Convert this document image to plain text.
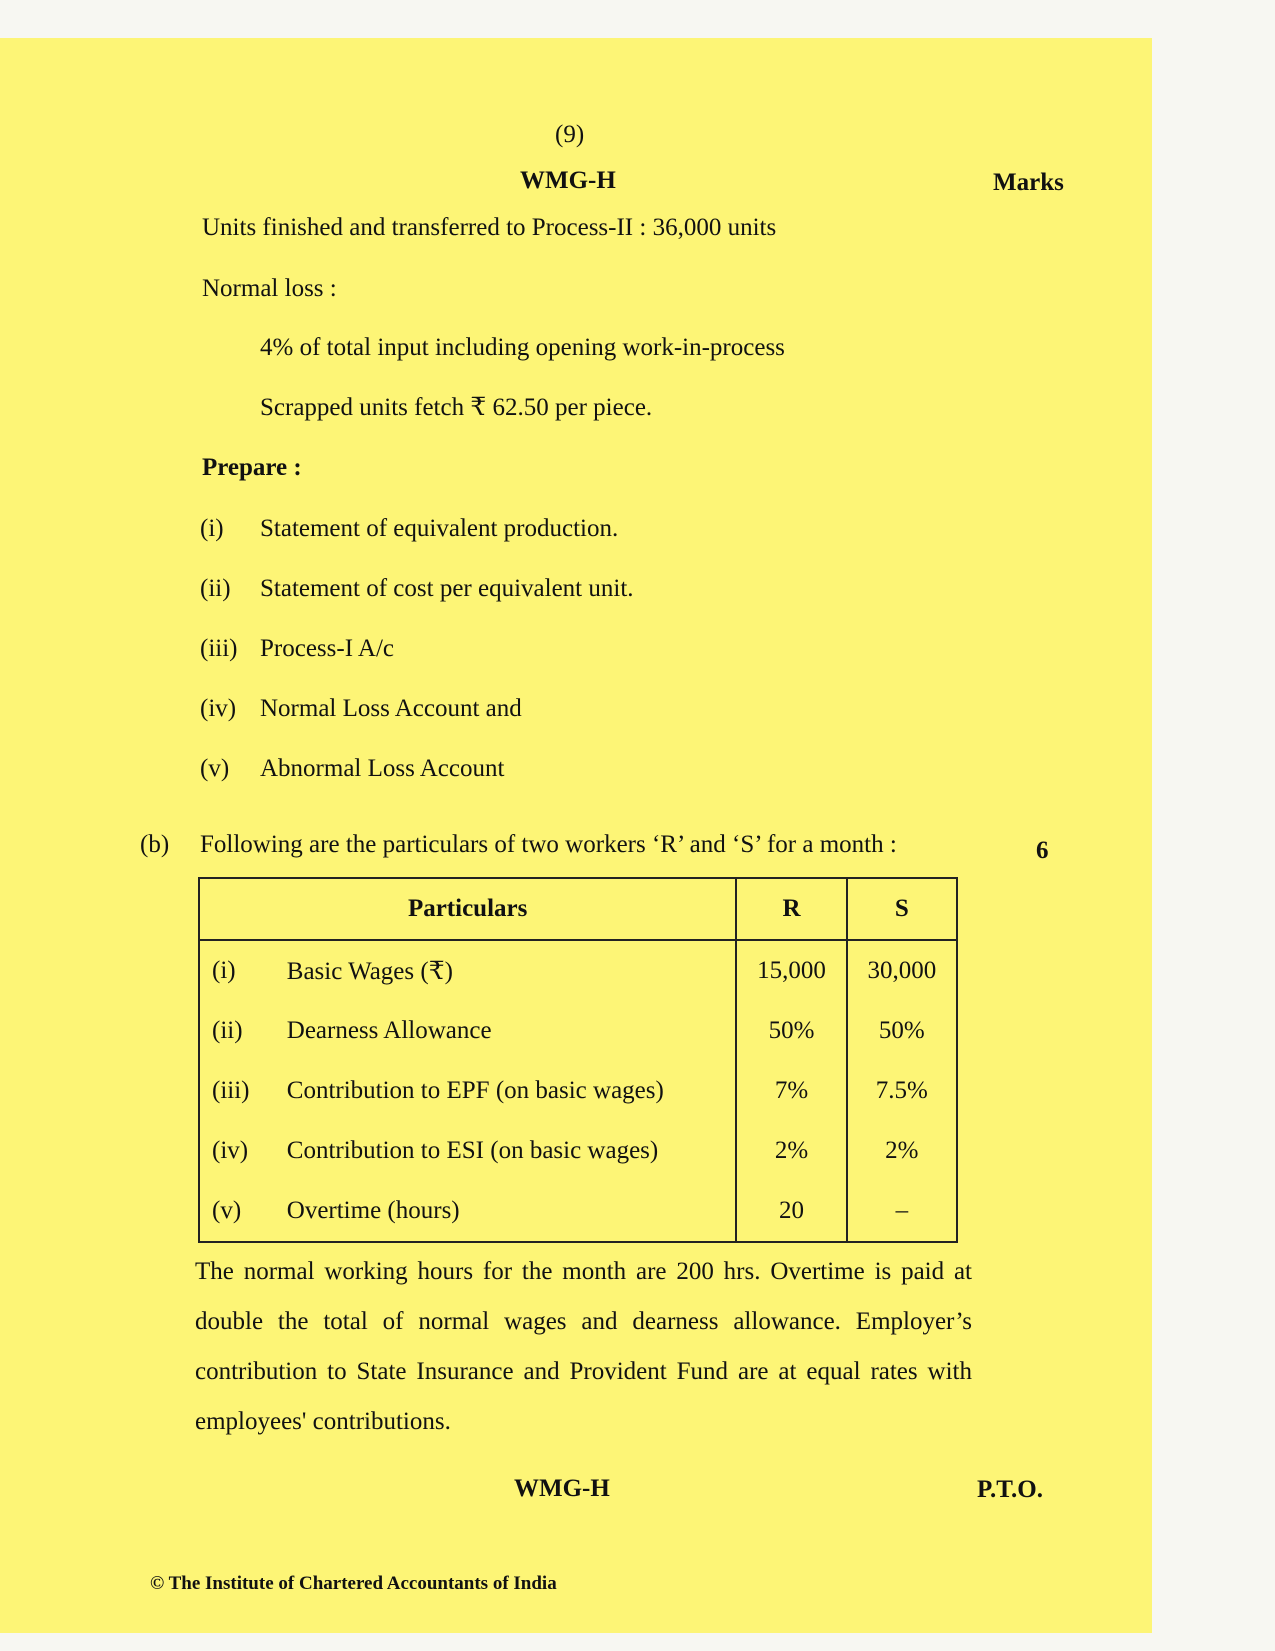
(9)
WMG-H	Marks
Units finished and transferred to Process-II : 36,000 units
Normal loss :
4% of total input including opening work-in-process
Scrapped units fetch ₹ 62.50 per piece.
Prepare :
(i) Statement of equivalent production.
(ii) Statement of cost per equivalent unit.
(iii) Process-I A/c
(iv) Normal Loss Account and
(v) Abnormal Loss Account
(b) Following are the particulars of two workers ‘R’ and ‘S’ for a month :	6
Particulars		R	S
(i)	Basic Wages (₹)	15,000	30,000
(ii)	Dearness Allowance	50%	50%
(iii)	Contribution to EPF (on basic wages)	7%	7.5%
(iv)	Contribution to ESI (on basic wages)	2%	2%
(v)	Overtime (hours)	20	–
The normal working hours for the month are 200 hrs. Overtime is paid at double the total of normal wages and dearness allowance. Employer’s contribution to State Insurance and Provident Fund are at equal rates with employees' contributions.
WMG-H	P.T.O.
© The Institute of Chartered Accountants of India
